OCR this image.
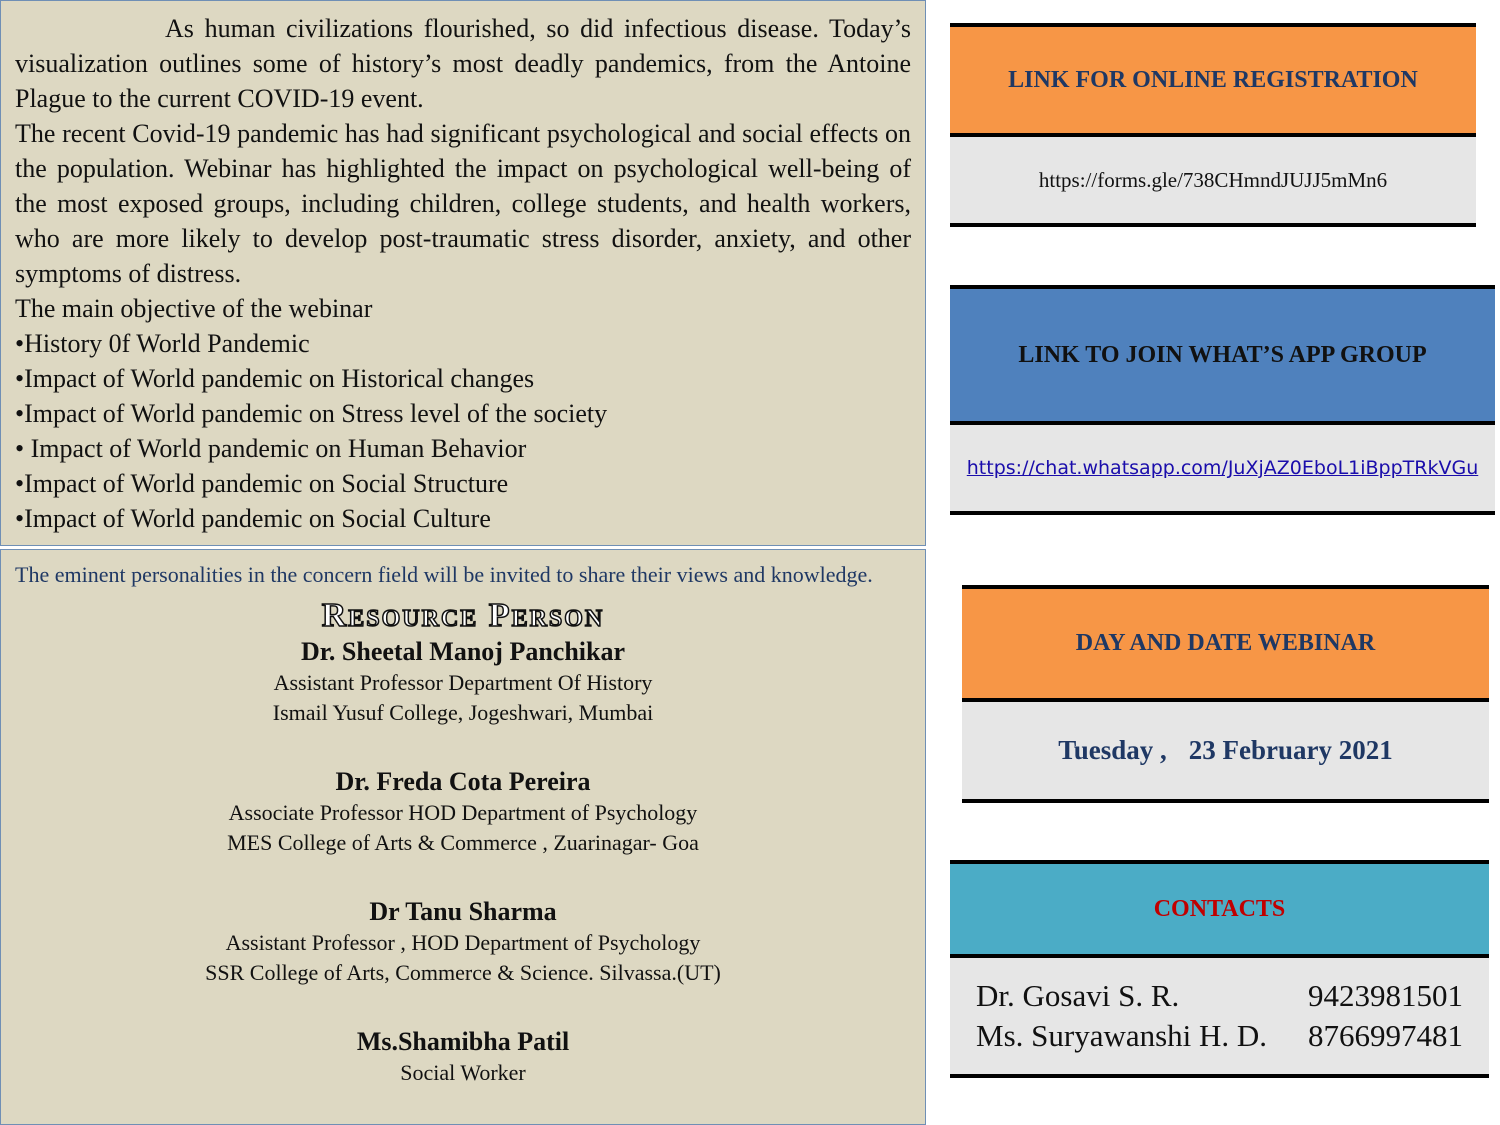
As human civilizations flourished, so did infectious disease. Today’s visualization outlines some of history’s most deadly pandemics, from the Antoine Plague to the current COVID-19 event.

The recent Covid-19 pandemic has had significant psychological and social effects on the population. Webinar has highlighted the impact on psychological well-being of the most exposed groups, including children, college students, and health workers, who are more likely to develop post-traumatic stress disorder, anxiety, and other symptoms of distress.

The main objective of the webinar

•History 0f World Pandemic

•Impact of World pandemic on Historical changes

•Impact of World pandemic on Stress level of the society

• Impact of World pandemic on Human Behavior

•Impact of World pandemic on Social Structure

•Impact of World pandemic on Social Culture

The eminent personalities in the concern field will be invited to share their views and knowledge.

Resource Person

Dr. Sheetal Manoj Panchikar

Assistant Professor Department Of History

Ismail Yusuf College, Jogeshwari, Mumbai

Dr. Freda Cota Pereira

Associate Professor HOD Department of Psychology

MES College of Arts & Commerce , Zuarinagar- Goa

Dr Tanu Sharma

Assistant Professor , HOD Department of Psychology

SSR College of Arts, Commerce & Science. Silvassa.(UT)

Ms.Shamibha Patil

Social Worker

LINK FOR ONLINE REGISTRATION
https://forms.gle/738CHmndJUJJ5mMn6
LINK TO JOIN WHAT’S APP GROUP
https://chat.whatsapp.com/JuXjAZ0EboL1iBppTRkVGu
DAY AND DATE WEBINAR
Tuesday , 23 February 2021
CONTACTS
Dr. Gosavi S. R.	9423981501
Ms. Suryawanshi H. D. 8766997481
